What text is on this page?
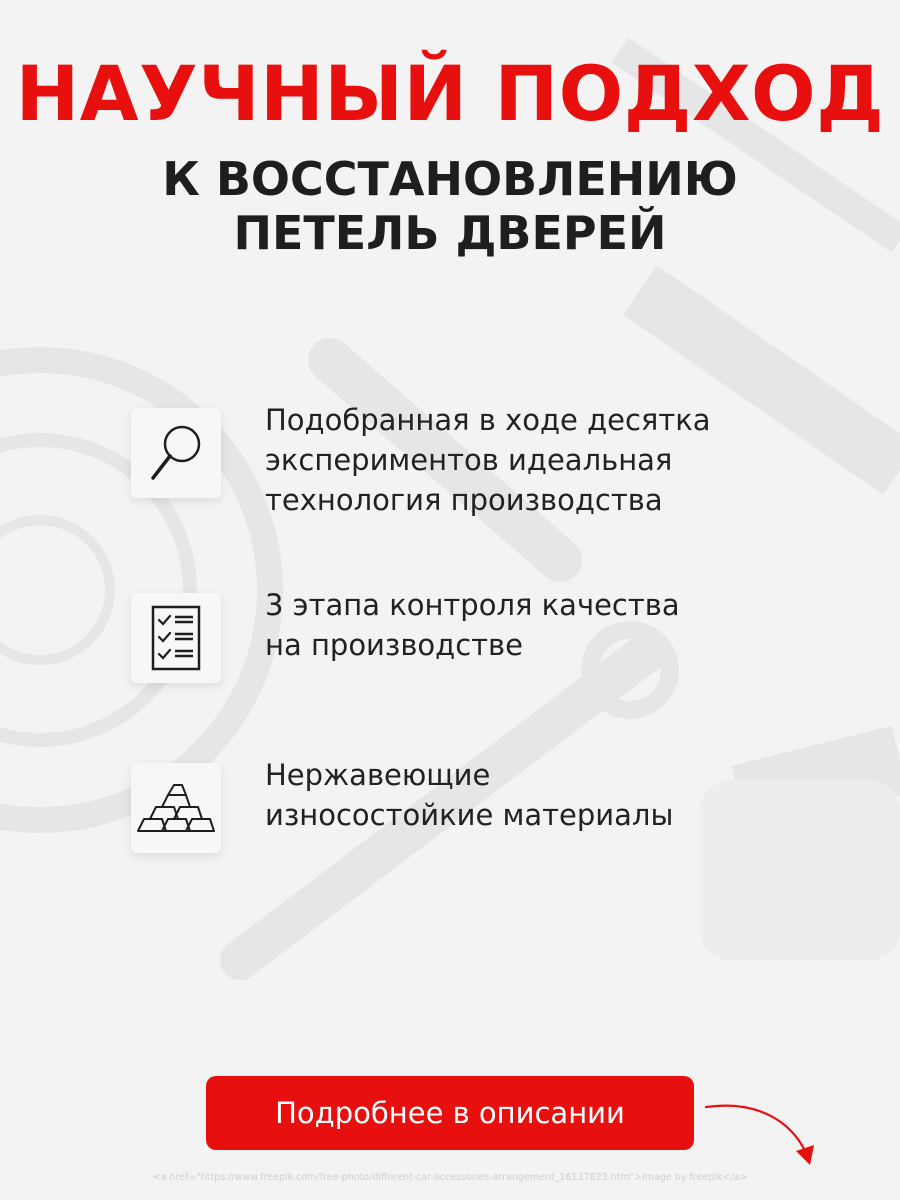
НАУЧНЫЙ ПОДХОД
К ВОССТАНОВЛЕНИЮ
ПЕТЕЛЬ ДВЕРЕЙ
Подобранная в ходе десятка
экспериментов идеальная
технология производства
3 этапа контроля качества
на производстве
Нержавеющие
износостойкие материалы
Подробнее в описании
<a href="https://www.freepik.com/free-photo/different-car-accessories-arrangement_16137823.htm">Image by freepik</a>
